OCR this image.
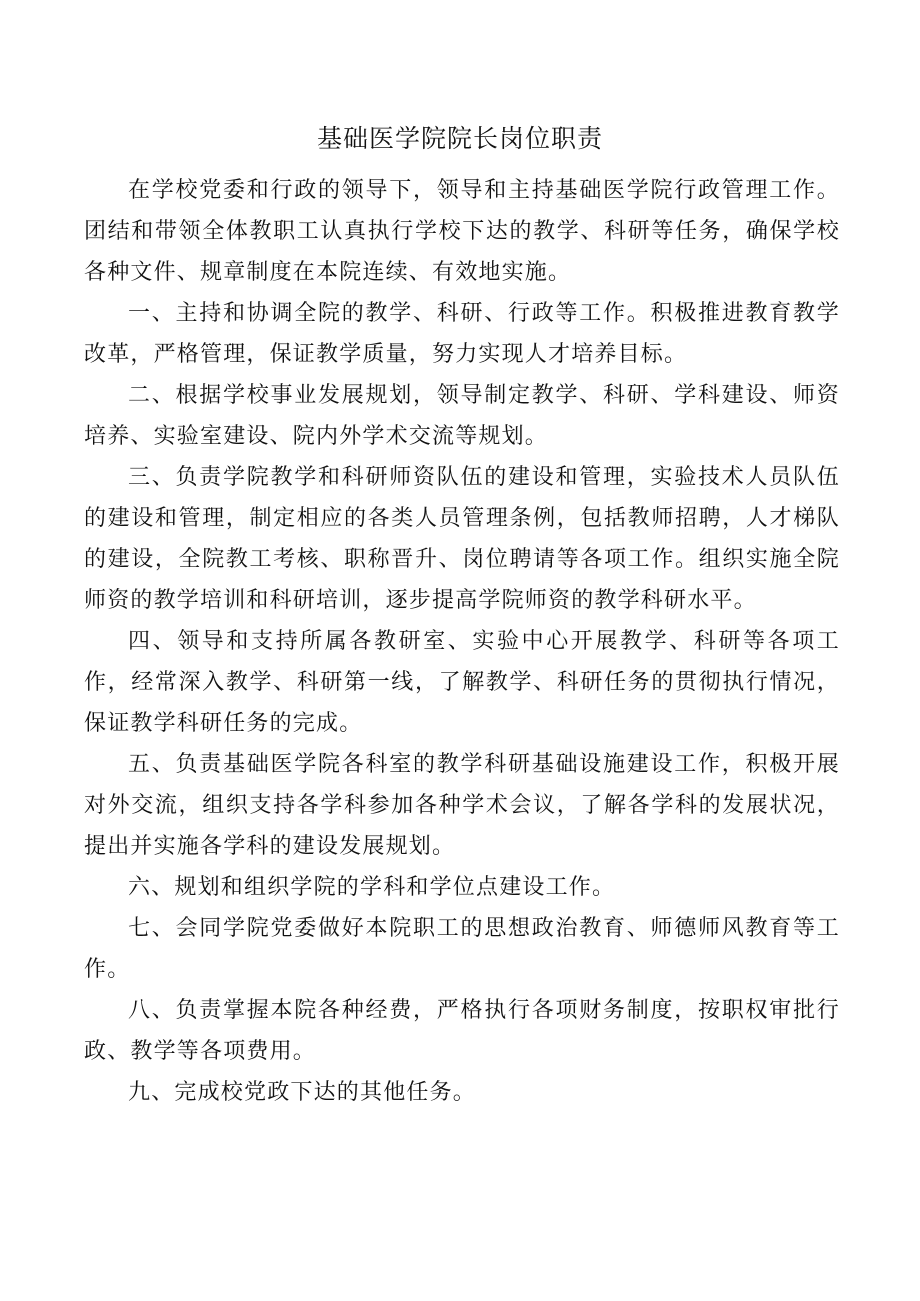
基础医学院院长岗位职责

在学校党委和行政的领导下，领导和主持基础医学院行政管理工作。团结和带领全体教职工认真执行学校下达的教学、科研等任务，确保学校各种文件、规章制度在本院连续、有效地实施。

一、主持和协调全院的教学、科研、行政等工作。积极推进教育教学改革，严格管理，保证教学质量，努力实现人才培养目标。

二、根据学校事业发展规划，领导制定教学、科研、学科建设、师资培养、实验室建设、院内外学术交流等规划。

三、负责学院教学和科研师资队伍的建设和管理，实验技术人员队伍的建设和管理，制定相应的各类人员管理条例，包括教师招聘，人才梯队的建设，全院教工考核、职称晋升、岗位聘请等各项工作。组织实施全院师资的教学培训和科研培训，逐步提高学院师资的教学科研水平。

四、领导和支持所属各教研室、实验中心开展教学、科研等各项工作，经常深入教学、科研第一线，了解教学、科研任务的贯彻执行情况，保证教学科研任务的完成。

五、负责基础医学院各科室的教学科研基础设施建设工作，积极开展对外交流，组织支持各学科参加各种学术会议，了解各学科的发展状况，提出并实施各学科的建设发展规划。

六、规划和组织学院的学科和学位点建设工作。

七、会同学院党委做好本院职工的思想政治教育、师德师风教育等工作。

八、负责掌握本院各种经费，严格执行各项财务制度，按职权审批行政、教学等各项费用。

九、完成校党政下达的其他任务。
